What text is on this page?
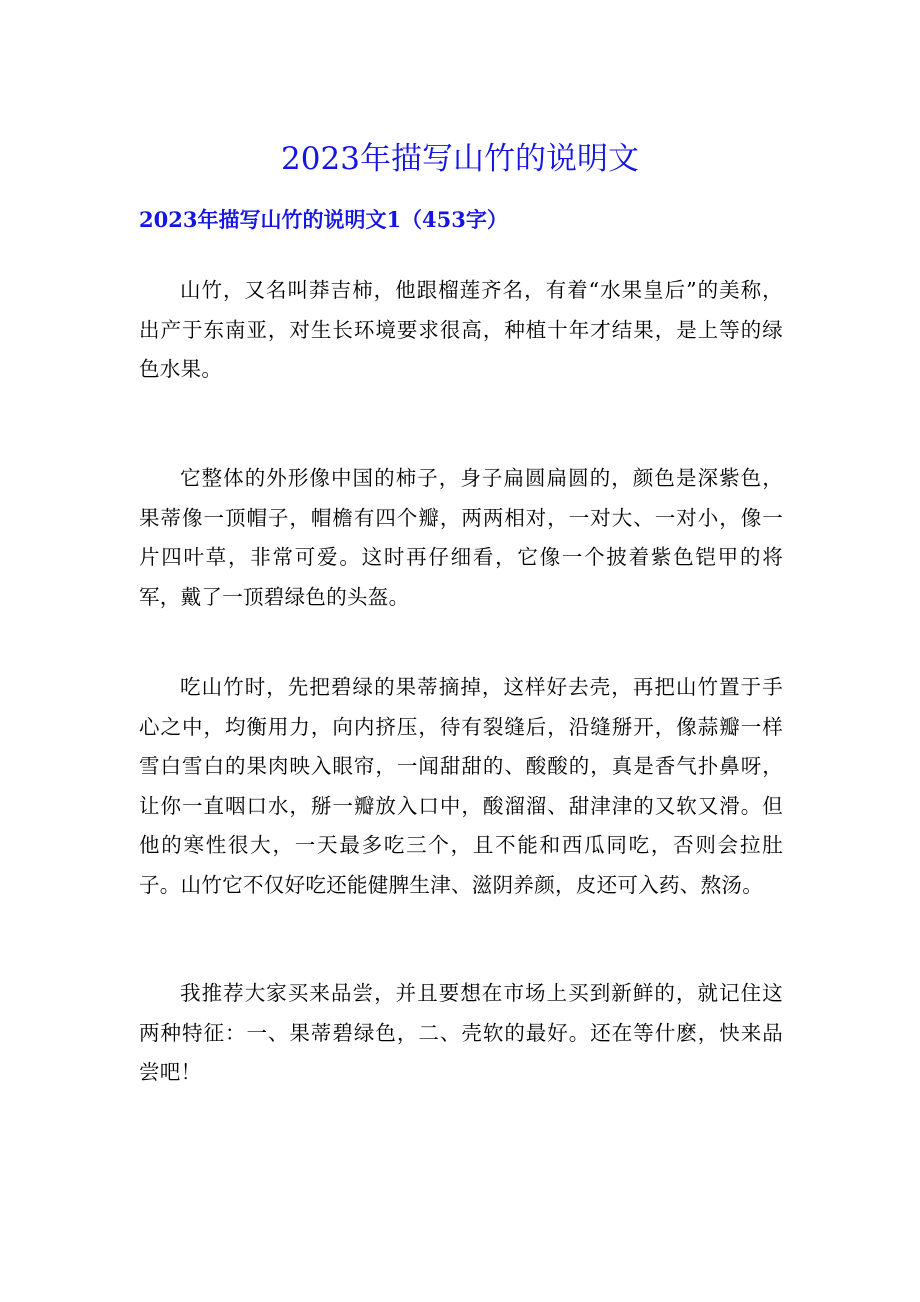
2023年描写山竹的说明文
2023年描写山竹的说明文1（453字）

山竹，又名叫莽吉柿，他跟榴莲齐名，有着“水果皇后”的美称，出产于东南亚，对生长环境要求很高，种植十年才结果，是上等的绿色水果。

它整体的外形像中国的柿子，身子扁圆扁圆的，颜色是深紫色，果蒂像一顶帽子，帽檐有四个瓣，两两相对，一对大、一对小，像一片四叶草，非常可爱。这时再仔细看，它像一个披着紫色铠甲的将军，戴了一顶碧绿色的头盔。

吃山竹时，先把碧绿的果蒂摘掉，这样好去壳，再把山竹置于手心之中，均衡用力，向内挤压，待有裂缝后，沿缝掰开，像蒜瓣一样雪白雪白的果肉映入眼帘，一闻甜甜的、酸酸的，真是香气扑鼻呀，让你一直咽口水，掰一瓣放入口中，酸溜溜、甜津津的又软又滑。但他的寒性很大，一天最多吃三个，且不能和西瓜同吃，否则会拉肚子。山竹它不仅好吃还能健脾生津、滋阴养颜，皮还可入药、熬汤。

我推荐大家买来品尝，并且要想在市场上买到新鲜的，就记住这两种特征：一、果蒂碧绿色，二、壳软的最好。还在等什麽，快来品尝吧！
